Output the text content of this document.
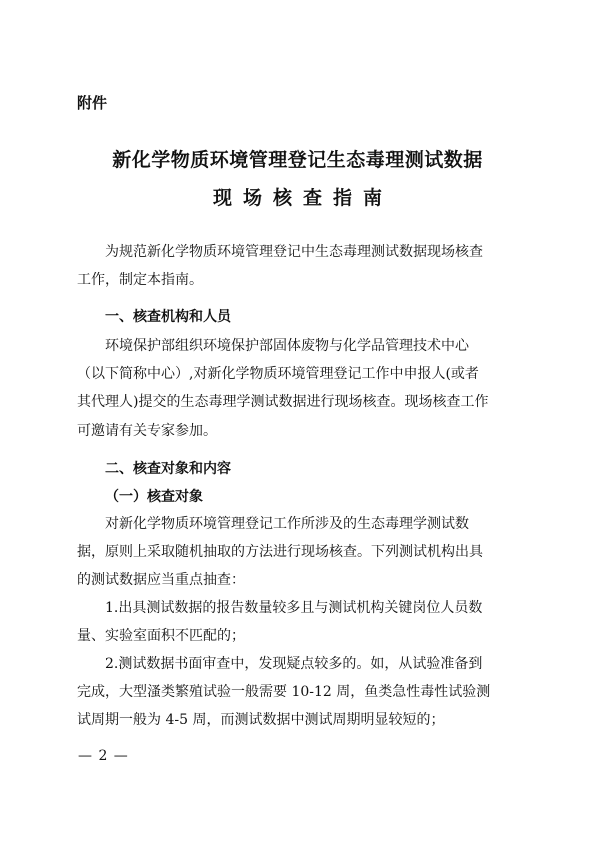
附件
新化学物质环境管理登记生态毒理测试数据
现场核查指南
为规范新化学物质环境管理登记中生态毒理测试数据现场核查
工作，制定本指南。
一、核查机构和人员
环境保护部组织环境保护部固体废物与化学品管理技术中心
（以下简称中心）,对新化学物质环境管理登记工作中申报人(或者
其代理人)提交的生态毒理学测试数据进行现场核查。现场核查工作
可邀请有关专家参加。
二、核查对象和内容
（一）核查对象
对新化学物质环境管理登记工作所涉及的生态毒理学测试数
据，原则上采取随机抽取的方法进行现场核查。下列测试机构出具
的测试数据应当重点抽查：
1.出具测试数据的报告数量较多且与测试机构关键岗位人员数
量、实验室面积不匹配的；
2.测试数据书面审查中，发现疑点较多的。如，从试验准备到
完成，大型溞类繁殖试验一般需要 10-12 周，鱼类急性毒性试验测
试周期一般为 4-5 周，而测试数据中测试周期明显较短的；
— 2 —
